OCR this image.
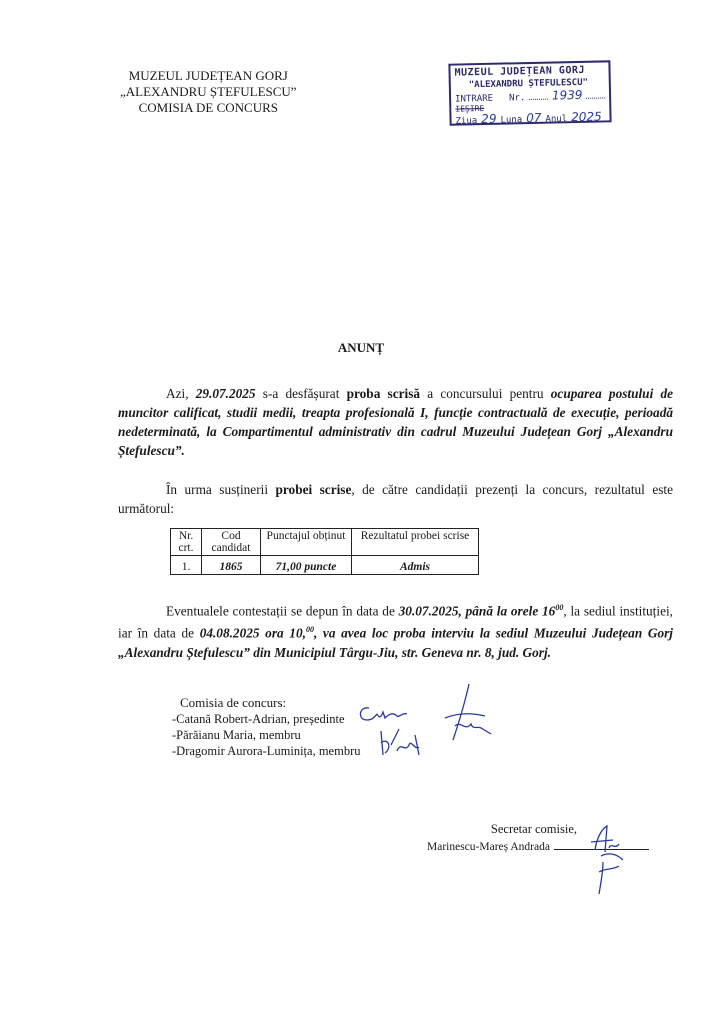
MUZEUL JUDEȚEAN GORJ
„ALEXANDRU ȘTEFULESCU”
COMISIA DE CONCURS
MUZEUL JUDEȚEAN GORJ
"ALEXANDRU ȘTEFULESCU"
INTRARE Nr. 1939
IEȘIRE
Ziua 29 Luna 07 Anul 2025
ANUNȚ
Azi, 29.07.2025 s-a desfășurat proba scrisă a concursului pentru ocuparea postului de muncitor calificat, studii medii, treapta profesională I, funcție contractuală de execuție, perioadă nedeterminată, la Compartimentul administrativ din cadrul Muzeului Județean Gorj „Alexandru Ștefulescu”.
În urma susținerii probei scrise, de către candidații prezenți la concurs, rezultatul este următorul:
Nr. crt.	Cod candidat	Punctajul obținut	Rezultatul probei scrise
1.	1865	71,00 puncte	Admis
Eventualele contestații se depun în data de 30.07.2025, până la orele $16^{00}$, la sediul instituției, iar în data de 04.08.2025 ora 10,00, va avea loc proba interviu la sediul Muzeului Județean Gorj „Alexandru Ștefulescu” din Municipiul Târgu-Jiu, str. Geneva nr. 8, jud. Gorj.
Comisia de concurs:
-Catană Robert-Adrian, președinte
-Părăianu Maria, membru
-Dragomir Aurora-Luminița, membru
Secretar comisie,
Marinescu-Mareș Andrada
